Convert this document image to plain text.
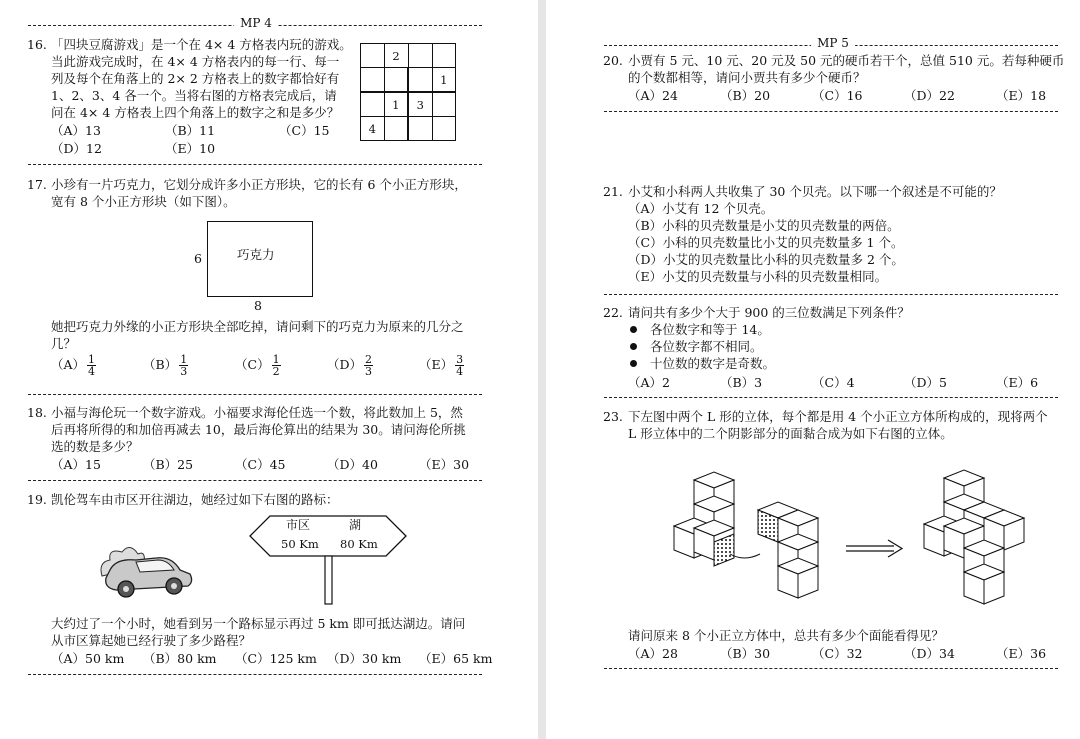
MP 4
16. 「四块豆腐游戏」是一个在 4× 4 方格表内玩的游戏。
当此游戏完成时，在 4× 4 方格表内的每一行、每一
列及每个在角落上的 2× 2 方格表上的数字都恰好有
1、2、3、4 各一个。当将右图的方格表完成后，请
问在 4× 4 方格表上四个角落上的数字之和是多少？
（A）13	（B）11	（C）15
（D）12	（E）10
	2		
			1
	1	3	
4			
17. 小珍有一片巧克力，它划分成许多小正方形块，它的长有 6 个小正方形块，
宽有 8 个小正方形块（如下图）。
巧克力
6
8
她把巧克力外缘的小正方形块全部吃掉，请问剩下的巧克力为原来的几分之
几？
$(A) \frac{1}{4}$	$(B) \frac{1}{3}$	$(C) \frac{1}{2}$	$(D) \frac{2}{3}$	$(E) \frac{3}{4}$
18. 小福与海伦玩一个数字游戏。小福要求海伦任选一个数，将此数加上 5，然
后再将所得的和加倍再减去 10，最后海伦算出的结果为 30。请问海伦所挑
选的数是多少？
（A）15	（B）25	（C）45	（D）40	（E）30
19. 凯伦驾车由市区开往湖边，她经过如下右图的路标：
市区	湖
50 Km 80 Km
大约过了一个小时，她看到另一个路标显示再过 5 km 即可抵达湖边。请问
从市区算起她已经行驶了多少路程？
（A）50 km （B）80 km （C）125 km （D）30 km （E）65 km
MP 5
20. 小贾有 5 元、10 元、20 元及 50 元的硬币若干个，总值 510 元。若每种硬币
的个数都相等，请问小贾共有多少个硬币？
（A）24	（B）20	（C）16	（D）22	（E）18
21. 小艾和小科两人共收集了 30 个贝壳。以下哪一个叙述是不可能的？
（A）小艾有 12 个贝壳。
（B）小科的贝壳数量是小艾的贝壳数量的两倍。
（C）小科的贝壳数量比小艾的贝壳数量多 1 个。
（D）小艾的贝壳数量比小科的贝壳数量多 2 个。
（E）小艾的贝壳数量与小科的贝壳数量相同。
22. 请问共有多少个大于 900 的三位数满足下列条件？
各位数字和等于 14。
各位数字都不相同。
十位数的数字是奇数。
（A）2	（B）3	（C）4	（D）5	（E）6
23. 下左图中两个 L 形的立体，每个都是用 4 个小正立方体所构成的，现将两个
L 形立体中的二个阴影部分的面黏合成为如下右图的立体。
请问原来 8 个小正立方体中，总共有多少个面能看得见？
（A）28	（B）30	（C）32	（D）34	（E）36
